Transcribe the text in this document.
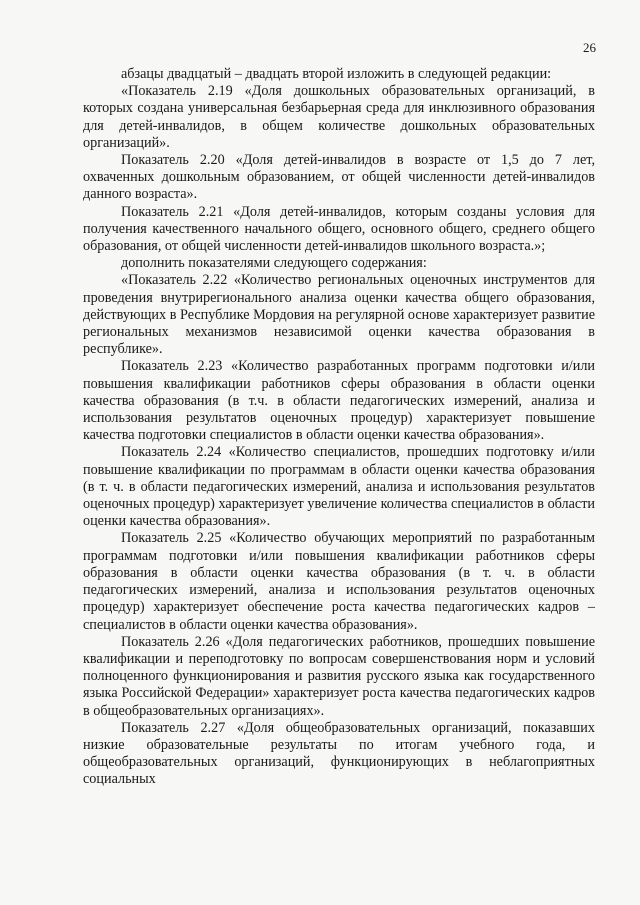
26

абзацы двадцатый – двадцать второй изложить в следующей редакции:

«Показатель 2.19 «Доля дошкольных образовательных организаций, в которых создана универсальная безбарьерная среда для инклюзивного образования для детей-инвалидов, в общем количестве дошкольных образовательных организаций».

Показатель 2.20 «Доля детей-инвалидов в возрасте от 1,5 до 7 лет, охваченных дошкольным образованием, от общей численности детей-инвалидов данного возраста».

Показатель 2.21 «Доля детей-инвалидов, которым созданы условия для получения качественного начального общего, основного общего, среднего общего образования, от общей численности детей-инвалидов школьного возраста.»;

дополнить показателями следующего содержания:

«Показатель 2.22 «Количество региональных оценочных инструментов для проведения внутрирегионального анализа оценки качества общего образования, действующих в Республике Мордовия на регулярной основе характеризует развитие региональных механизмов независимой оценки качества образования в республике».

Показатель 2.23 «Количество разработанных программ подготовки и/или повышения квалификации работников сферы образования в области оценки качества образования (в т.ч. в области педагогических измерений, анализа и использования результатов оценочных процедур) характеризует повышение качества подготовки специалистов в области оценки качества образования».

Показатель 2.24 «Количество специалистов, прошедших подготовку и/или повышение квалификации по программам в области оценки качества образования (в т. ч. в области педагогических измерений, анализа и использования результатов оценочных процедур) характеризует увеличение количества специалистов в области оценки качества образования».

Показатель 2.25 «Количество обучающих мероприятий по разработанным программам подготовки и/или повышения квалификации работников сферы образования в области оценки качества образования (в т. ч. в области педагогических измерений, анализа и использования результатов оценочных процедур) характеризует обеспечение роста качества педагогических кадров – специалистов в области оценки качества образования».

Показатель 2.26 «Доля педагогических работников, прошедших повышение квалификации и переподготовку по вопросам совершенствования норм и условий полноценного функционирования и развития русского языка как государственного языка Российской Федерации» характеризует роста качества педагогических кадров в общеобразовательных организациях».

Показатель 2.27 «Доля общеобразовательных организаций, показавших низкие образовательные результаты по итогам учебного года, и общеобразовательных организаций, функционирующих в неблагоприятных социальных
